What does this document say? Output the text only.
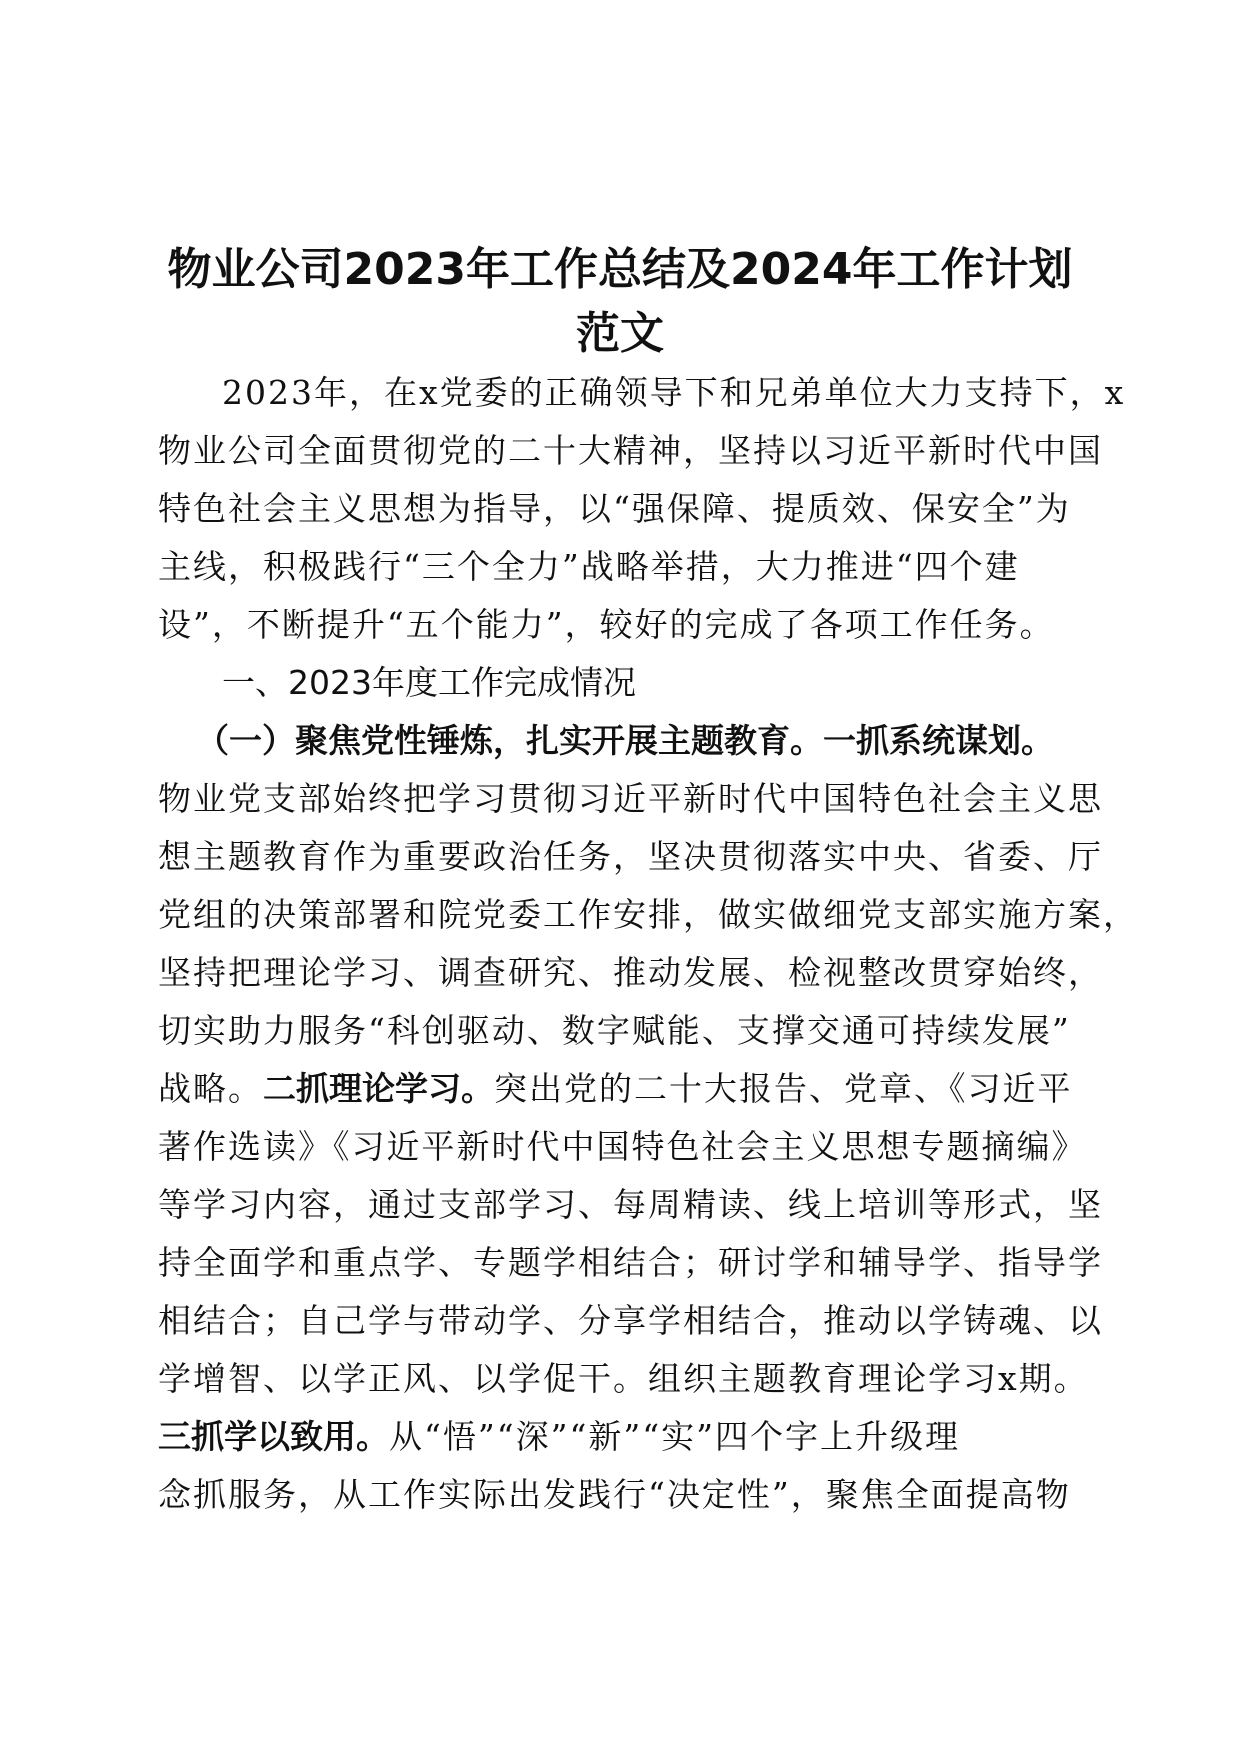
物业公司2023年工作总结及2024年工作计划
范文
2023年，在x党委的正确领导下和兄弟单位大力支持下，x
物业公司全面贯彻党的二十大精神，坚持以习近平新时代中国
特色社会主义思想为指导，以“强保障、提质效、保安全”为
主线，积极践行“三个全力”战略举措，大力推进“四个建
设”，不断提升“五个能力”，较好的完成了各项工作任务。
一、2023年度工作完成情况
（一）聚焦党性锤炼，扎实开展主题教育。一抓系统谋划。
物业党支部始终把学习贯彻习近平新时代中国特色社会主义思
想主题教育作为重要政治任务，坚决贯彻落实中央、省委、厅
党组的决策部署和院党委工作安排，做实做细党支部实施方案，
坚持把理论学习、调查研究、推动发展、检视整改贯穿始终，
切实助力服务“科创驱动、数字赋能、支撑交通可持续发展”
战略。二抓理论学习。突出党的二十大报告、党章、《习近平
著作选读》《习近平新时代中国特色社会主义思想专题摘编》
等学习内容，通过支部学习、每周精读、线上培训等形式，坚
持全面学和重点学、专题学相结合；研讨学和辅导学、指导学
相结合；自己学与带动学、分享学相结合，推动以学铸魂、以
学增智、以学正风、以学促干。组织主题教育理论学习x期。
三抓学以致用。从“悟”“深”“新”“实”四个字上升级理
念抓服务，从工作实际出发践行“决定性”，聚焦全面提高物
